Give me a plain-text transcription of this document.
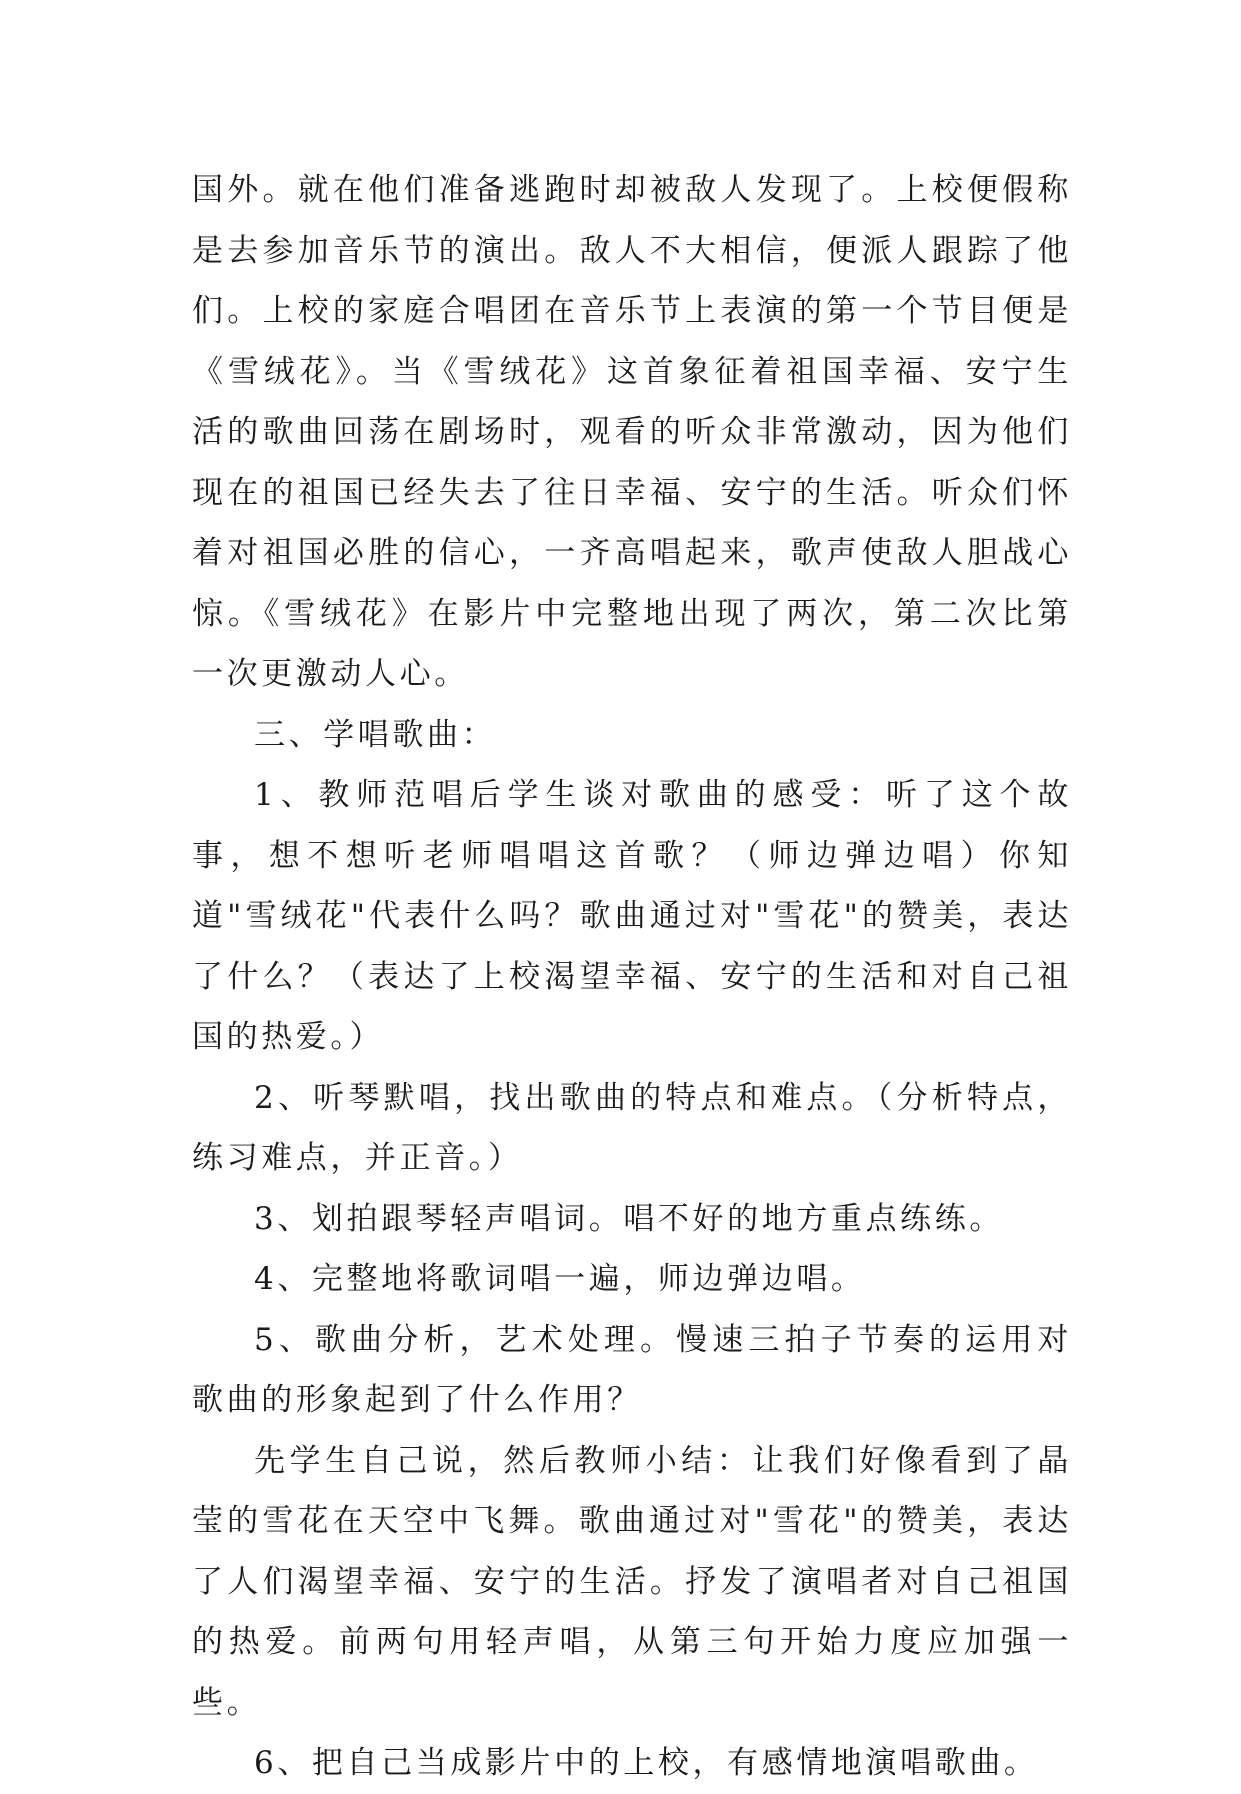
国外。就在他们准备逃跑时却被敌人发现了。上校便假称是去参加音乐节的演出。敌人不大相信，便派人跟踪了他们。上校的家庭合唱团在音乐节上表演的第一个节目便是《雪绒花》。当《雪绒花》这首象征着祖国幸福、安宁生活的歌曲回荡在剧场时，观看的听众非常激动，因为他们现在的祖国已经失去了往日幸福、安宁的生活。听众们怀着对祖国必胜的信心，一齐高唱起来，歌声使敌人胆战心惊。《雪绒花》在影片中完整地出现了两次，第二次比第一次更激动人心。

三、学唱歌曲：

1、教师范唱后学生谈对歌曲的感受：听了这个故事，想不想听老师唱唱这首歌？（师边弹边唱）你知道"雪绒花"代表什么吗？歌曲通过对"雪花"的赞美，表达了什么？（表达了上校渴望幸福、安宁的生活和对自己祖国的热爱。）

2、听琴默唱，找出歌曲的特点和难点。（分析特点，练习难点，并正音。）

3、划拍跟琴轻声唱词。唱不好的地方重点练练。

4、完整地将歌词唱一遍，师边弹边唱。

5、歌曲分析，艺术处理。慢速三拍子节奏的运用对歌曲的形象起到了什么作用？

先学生自己说，然后教师小结：让我们好像看到了晶莹的雪花在天空中飞舞。歌曲通过对"雪花"的赞美，表达了人们渴望幸福、安宁的生活。抒发了演唱者对自己祖国的热爱。前两句用轻声唱，从第三句开始力度应加强一些。

6、把自己当成影片中的上校，有感情地演唱歌曲。
